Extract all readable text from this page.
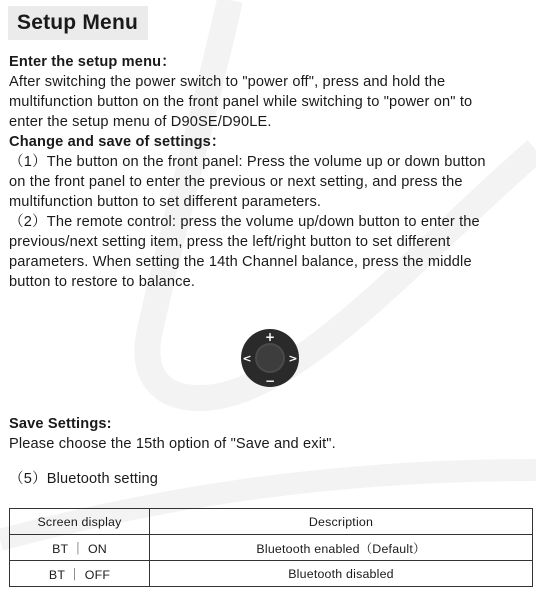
Setup Menu
Enter the setup menu：
After switching the power switch to "power off", press and hold the
multifunction button on the front panel while switching to "power on" to
enter the setup menu of D90SE/D90LE.
Change and save of settings：
（1）The button on the front panel: Press the volume up or down button
on the front panel to enter the previous or next setting, and press the
multifunction button to set different parameters.
（2）The remote control: press the volume up/down button to enter the
previous/next setting item, press the left/right button to set different
parameters. When setting the 14th Channel balance, press the middle
button to restore to balance.
+
−
<	>
Save Settings:
Please choose the 15th option of "Save and exit".
（5）Bluetooth setting
Screen display	Description
BT ｜ ON	Bluetooth enabled（Default）
BT ｜ OFF	Bluetooth disabled
